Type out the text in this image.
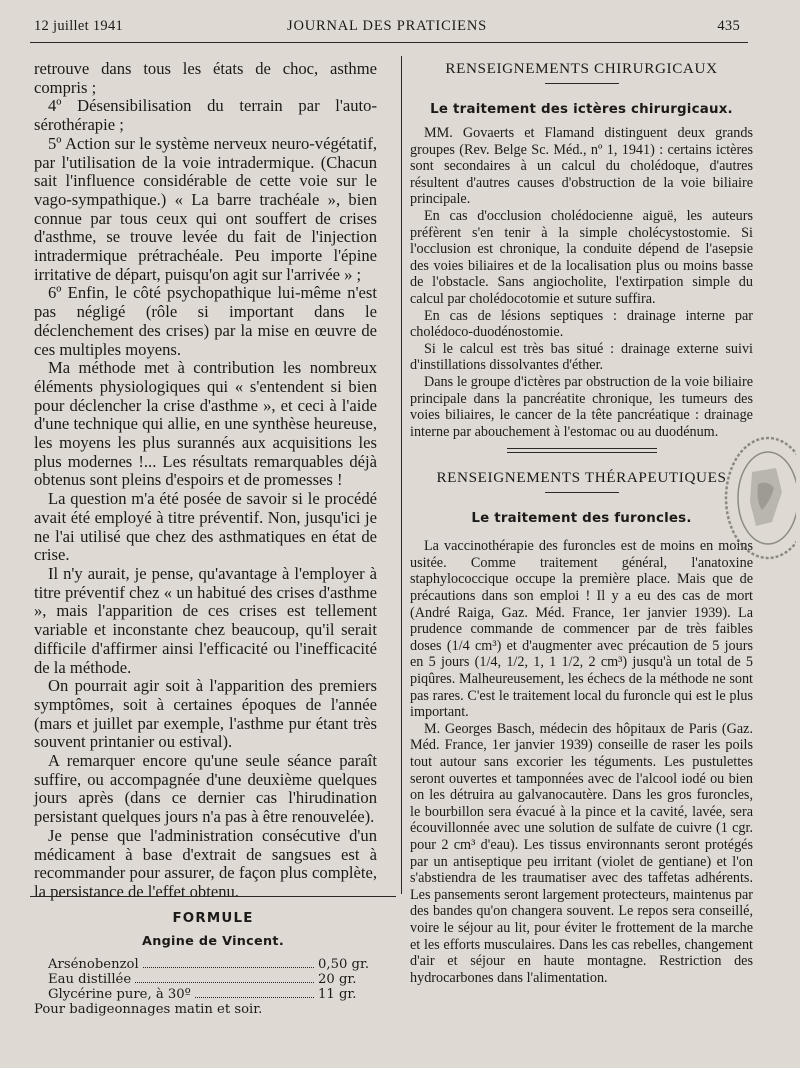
12 juillet 1941	JOURNAL DES PRATICIENS	435

retrouve dans tous les états de choc, asthme compris ;

4º Désensibilisation du terrain par l'auto-sérothérapie ;

5º Action sur le système nerveux neuro-végétatif, par l'utilisation de la voie intradermique. (Chacun sait l'influence considérable de cette voie sur le vago-sympathique.) « La barre trachéale », bien connue par tous ceux qui ont souffert de crises d'asthme, se trouve levée du fait de l'injection intradermique prétrachéale. Peu importe l'épine irritative de départ, puisqu'on agit sur l'arrivée » ;

6º Enfin, le côté psychopathique lui-même n'est pas négligé (rôle si important dans le déclenchement des crises) par la mise en œuvre de ces multiples moyens.

Ma méthode met à contribution les nombreux éléments physiologiques qui « s'entendent si bien pour déclencher la crise d'asthme », et ceci à l'aide d'une technique qui allie, en une synthèse heureuse, les moyens les plus surannés aux acquisitions les plus modernes !... Les résultats remarquables déjà obtenus sont pleins d'espoirs et de promesses !

La question m'a été posée de savoir si le procédé avait été employé à titre préventif. Non, jusqu'ici je ne l'ai utilisé que chez des asthmatiques en état de crise.

Il n'y aurait, je pense, qu'avantage à l'employer à titre préventif chez « un habitué des crises d'asthme », mais l'apparition de ces crises est tellement variable et inconstante chez beaucoup, qu'il serait difficile d'affirmer ainsi l'efficacité ou l'inefficacité de la méthode.

On pourrait agir soit à l'apparition des premiers symptômes, soit à certaines époques de l'année (mars et juillet par exemple, l'asthme pur étant très souvent printanier ou estival).

A remarquer encore qu'une seule séance paraît suffire, ou accompagnée d'une deuxième quelques jours après (dans ce dernier cas l'hirudination persistant quelques jours n'a pas à être renouvelée).

Je pense que l'administration consécutive d'un médicament à base d'extrait de sangsues est à recommander pour assurer, de façon plus complète, la persistance de l'effet obtenu.

FORMULE
Angine de Vincent.
Arsénobenzol	0,50 gr.
Eau distillée	20 gr.
Glycérine pure, à 30º	11 gr.
Pour badigeonnages matin et soir.
RENSEIGNEMENTS CHIRURGICAUX
Le traitement des ictères chirurgicaux.

MM. Govaerts et Flamand distinguent deux grands groupes (Rev. Belge Sc. Méd., nº 1, 1941) : certains ictères sont secondaires à un calcul du cholédoque, d'autres résultent d'autres causes d'obstruction de la voie biliaire principale.

En cas d'occlusion cholédocienne aiguë, les auteurs préfèrent s'en tenir à la simple cholécystostomie. Si l'occlusion est chronique, la conduite dépend de l'asepsie des voies biliaires et de la localisation plus ou moins basse de l'obstacle. Sans angiocholite, l'extirpation simple du calcul par cholédocotomie et suture suffira.

En cas de lésions septiques : drainage interne par cholédoco-duodénostomie.

Si le calcul est très bas situé : drainage externe suivi d'instillations dissolvantes d'éther.

Dans le groupe d'ictères par obstruction de la voie biliaire principale dans la pancréatite chronique, les tumeurs des voies biliaires, le cancer de la tête pancréatique : drainage interne par abouchement à l'estomac ou au duodénum.

RENSEIGNEMENTS THÉRAPEUTIQUES
Le traitement des furoncles.

La vaccinothérapie des furoncles est de moins en moins usitée. Comme traitement général, l'anatoxine staphylococcique occupe la première place. Mais que de précautions dans son emploi ! Il y a eu des cas de mort (André Raiga, Gaz. Méd. France, 1er janvier 1939). La prudence commande de commencer par de très faibles doses (1/4 cm³) et d'augmenter avec précaution de 5 jours en 5 jours (1/4, 1/2, 1, 1 1/2, 2 cm³) jusqu'à un total de 5 piqûres. Malheureusement, les échecs de la méthode ne sont pas rares. C'est le traitement local du furoncle qui est le plus important.

M. Georges Basch, médecin des hôpitaux de Paris (Gaz. Méd. France, 1er janvier 1939) conseille de raser les poils tout autour sans excorier les téguments. Les pustulettes seront ouvertes et tamponnées avec de l'alcool iodé ou bien on les détruira au galvanocautère. Dans les gros furoncles, le bourbillon sera évacué à la pince et la cavité, lavée, sera écouvillonnée avec une solution de sulfate de cuivre (1 cgr. pour 2 cm³ d'eau). Les tissus environnants seront protégés par un antiseptique peu irritant (violet de gentiane) et l'on s'abstiendra de les traumatiser avec des taffetas adhérents. Les pansements seront largement protecteurs, maintenus par des bandes qu'on changera souvent. Le repos sera conseillé, voire le séjour au lit, pour éviter le frottement de la marche et les efforts musculaires. Dans les cas rebelles, changement d'air et séjour en haute montagne. Restriction des hydrocarbones dans l'alimentation.
